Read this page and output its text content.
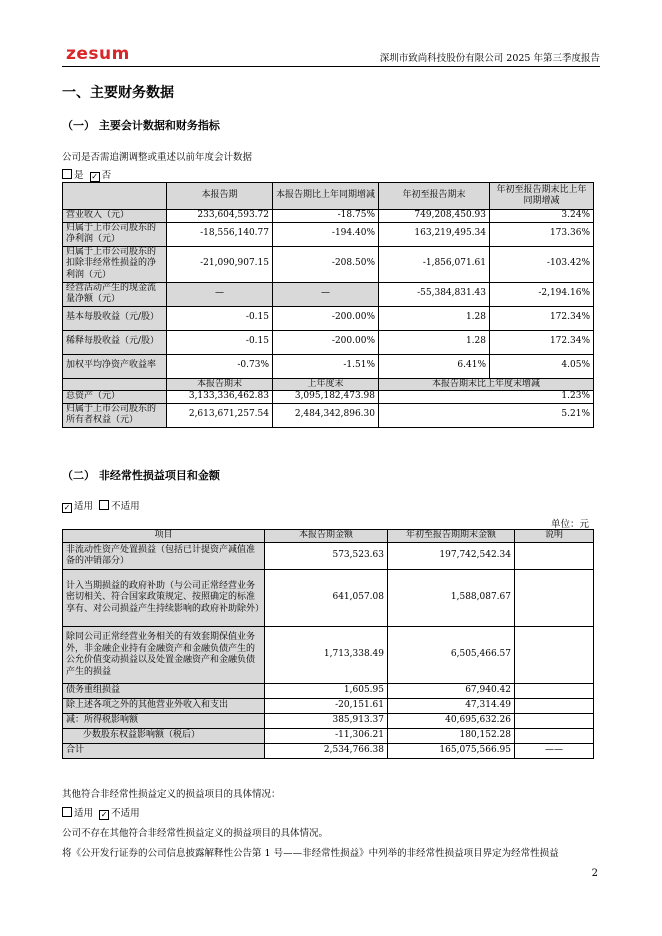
zesum	深圳市致尚科技股份有限公司 2025 年第三季度报告
一、主要财务数据
（一） 主要会计数据和财务指标
公司是否需追溯调整或重述以前年度会计数据
是 ✓ 否
	本报告期	本报告期比上年同期增减	年初至报告期末	年初至报告期末比上年同期增减
营业收入（元）	233,604,593.72	-18.75%	749,208,450.93	3.24%
归属于上市公司股东的净利润（元）	-18,556,140.77	-194.40%	163,219,495.34	173.36%
归属于上市公司股东的扣除非经常性损益的净利润（元）	-21,090,907.15	-208.50%	-1,856,071.61	-103.42%
经营活动产生的现金流量净额（元）	—	—	-55,384,831.43	-2,194.16%
基本每股收益（元/股）	-0.15	-200.00%	1.28	172.34%
稀释每股收益（元/股）	-0.15	-200.00%	1.28	172.34%
加权平均净资产收益率	-0.73%	-1.51%	6.41%	4.05%
	本报告期末	上年度末	本报告期末比上年度末增减	
总资产（元）	3,133,336,462.83	3,095,182,473.98	1.23%	
归属于上市公司股东的所有者权益（元）	2,613,671,257.54	2,484,342,896.30	5.21%	
（二） 非经常性损益项目和金额
✓ 适用 不适用
单位：元
项目	本报告期金额	年初至报告期期末金额	说明
非流动性资产处置损益（包括已计提资产减值准备的冲销部分）	573,523.63	197,742,542.34	
计入当期损益的政府补助（与公司正常经营业务密切相关、符合国家政策规定、按照确定的标准享有、对公司损益产生持续影响的政府补助除外）	641,057.08	1,588,087.67	
除同公司正常经营业务相关的有效套期保值业务外，非金融企业持有金融资产和金融负债产生的公允价值变动损益以及处置金融资产和金融负债产生的损益	1,713,338.49	6,505,466.57	
债务重组损益	1,605.95	67,940.42	
除上述各项之外的其他营业外收入和支出	-20,151.61	47,314.49	
减：所得税影响额	385,913.37	40,695,632.26	
少数股东权益影响额（税后）	-11,306.21	180,152.28	
合计	2,534,766.38	165,075,566.95	——
其他符合非经常性损益定义的损益项目的具体情况：
适用 ✓ 不适用
公司不存在其他符合非经常性损益定义的损益项目的具体情况。
将《公开发行证券的公司信息披露解释性公告第 1 号——非经常性损益》中列举的非经常性损益项目界定为经常性损益
2
